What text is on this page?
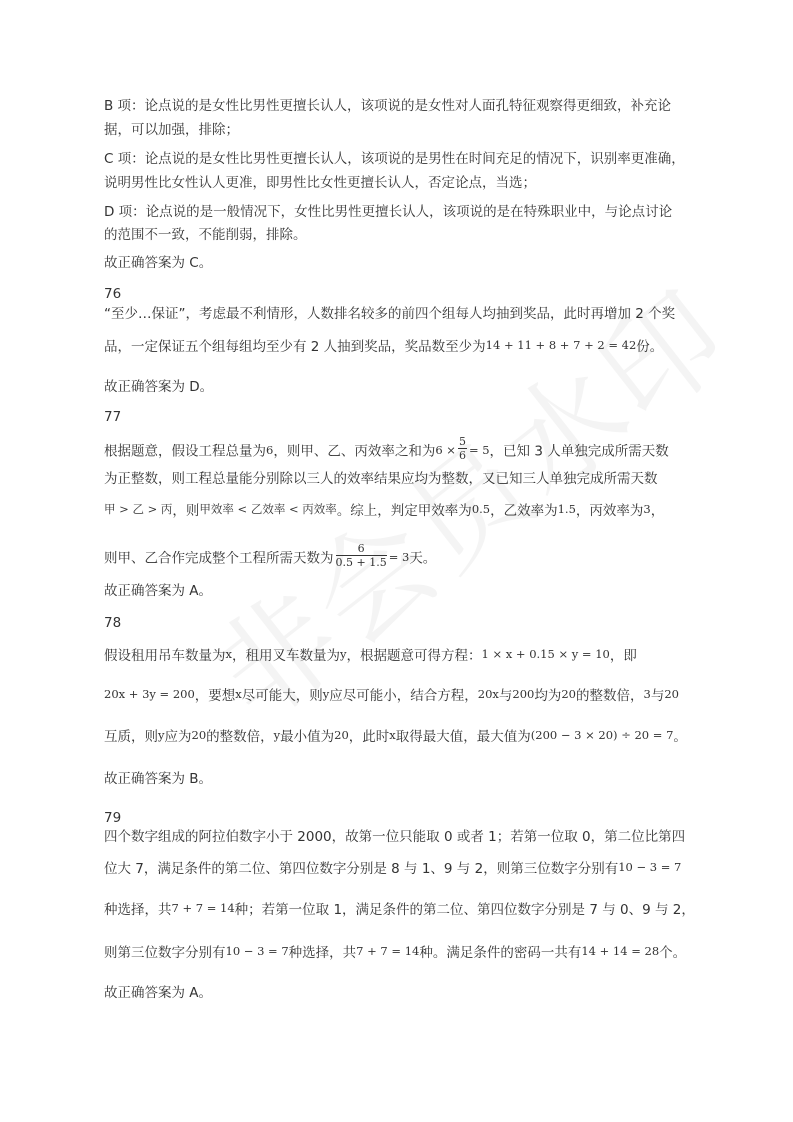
B 项：论点说的是女性比男性更擅长认人，该项说的是女性对人面孔特征观察得更细致，补充论

据，可以加强，排除；

C 项：论点说的是女性比男性更擅长认人，该项说的是男性在时间充足的情况下，识别率更准确，

说明男性比女性认人更准，即男性比女性更擅长认人，否定论点，当选；

D 项：论点说的是一般情况下，女性比男性更擅长认人，该项说的是在特殊职业中，与论点讨论

的范围不一致，不能削弱，排除。

故正确答案为 C。

76

“至少…保证”，考虑最不利情形，人数排名较多的前四个组每人均抽到奖品，此时再增加 2 个奖

品，一定保证五个组每组均至少有 2 人抽到奖品，奖品数至少为14 + 11 + 8 + 7 + 2 = 42份。

故正确答案为 D。

77

根据题意，假设工程总量为6，则甲、乙、丙效率之和为$6 \times \frac{5}{6} = 5$，已知 3 人单独完成所需天数

为正整数，则工程总量能分别除以三人的效率结果应均为整数，又已知三人单独完成所需天数

甲 > 乙 > 丙，则甲效率 < 乙效率 < 丙效率。综上，判定甲效率为0.5，乙效率为1.5，丙效率为3，

则甲、乙合作完成整个工程所需天数为 $\frac{6}{0.5 + 1.5} = 3$天。

故正确答案为 A。

78

假设租用吊车数量为x，租用叉车数量为y，根据题意可得方程：1 × x + 0.15 × y = 10，即

20x + 3y = 200，要想x尽可能大，则y应尽可能小，结合方程，20x与200均为20的整数倍，3与20

互质，则y应为20的整数倍，y最小值为20，此时x取得最大值，最大值为(200 − 3 × 20) ÷ 20 = 7。

故正确答案为 B。

79

四个数字组成的阿拉伯数字小于 2000，故第一位只能取 0 或者 1；若第一位取 0，第二位比第四

位大 7，满足条件的第二位、第四位数字分别是 8 与 1、9 与 2，则第三位数字分别有10 − 3 = 7

种选择，共7 + 7 = 14种；若第一位取 1，满足条件的第二位、第四位数字分别是 7 与 0、9 与 2，

则第三位数字分别有10 − 3 = 7种选择，共7 + 7 = 14种。满足条件的密码一共有14 + 14 = 28个。

故正确答案为 A。
